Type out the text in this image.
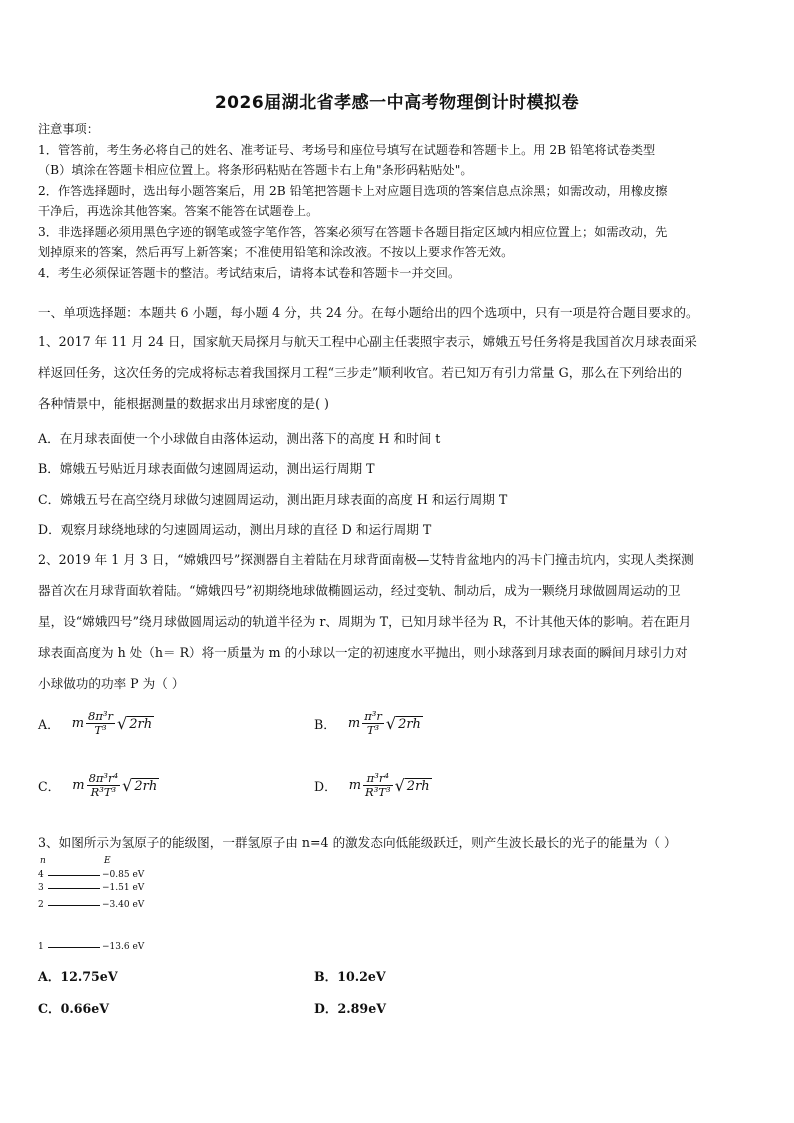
2026届湖北省孝感一中高考物理倒计时模拟卷
注意事项：
1．管答前，考生务必将自己的姓名、准考证号、考场号和座位号填写在试题卷和答题卡上。用 2B 铅笔将试卷类型
（B）填涂在答题卡相应位置上。将条形码粘贴在答题卡右上角"条形码粘贴处"。
2．作答选择题时，选出每小题答案后，用 2B 铅笔把答题卡上对应题目选项的答案信息点涂黑；如需改动，用橡皮擦
干净后，再选涂其他答案。答案不能答在试题卷上。
3．非选择题必须用黑色字迹的钢笔或签字笔作答，答案必须写在答题卡各题目指定区域内相应位置上；如需改动，先
划掉原来的答案，然后再写上新答案；不准使用铅笔和涂改液。不按以上要求作答无效。
4．考生必须保证答题卡的整洁。考试结束后，请将本试卷和答题卡一并交回。
一、单项选择题：本题共 6 小题，每小题 4 分，共 24 分。在每小题给出的四个选项中，只有一项是符合题目要求的。
1、2017 年 11 月 24 日，国家航天局探月与航天工程中心副主任裴照宇表示，嫦娥五号任务将是我国首次月球表面采
样返回任务，这次任务的完成将标志着我国探月工程“三步走”顺利收官。若已知万有引力常量 G，那么在下列给出的
各种情景中，能根据测量的数据求出月球密度的是( )
A．在月球表面使一个小球做自由落体运动，测出落下的高度 H 和时间 t
B．嫦娥五号贴近月球表面做匀速圆周运动，测出运行周期 T
C．嫦娥五号在高空绕月球做匀速圆周运动，测出距月球表面的高度 H 和运行周期 T
D．观察月球绕地球的匀速圆周运动，测出月球的直径 D 和运行周期 T
2、2019 年 1 月 3 日，“嫦娥四号”探测器自主着陆在月球背面南极—艾特肯盆地内的冯卡门撞击坑内，实现人类探测
器首次在月球背面软着陆。“嫦娥四号”初期绕地球做椭圆运动，经过变轨、制动后，成为一颗绕月球做圆周运动的卫
星，设“嫦娥四号”绕月球做圆周运动的轨道半径为 r、周期为 T，已知月球半径为 R，不计其他天体的影响。若在距月
球表面高度为 h 处（h＝ R）将一质量为 m 的小球以一定的初速度水平抛出，则小球落到月球表面的瞬间月球引力对
小球做功的功率 P 为（ ）
A． m $\frac{\text{8π³r}}{\text{T³}}$ √ 2rh	B． m $\frac{\text{π³r}}{\text{T³}}$ √ 2rh
C． m $\frac{\text{8π³r⁴}}{\text{R³T³}}$ √ 2rh	D． m $\frac{\text{π³r⁴}}{\text{R³T³}}$ √ 2rh
3、如图所示为氢原子的能级图，一群氢原子由 n=4 的激发态向低能级跃迁，则产生波长最长的光子的能量为（ ）
n	E
4	−0.85 eV
3	−1.51 eV
2	−3.40 eV
1	−13.6 eV
A．12.75eV	B．10.2eV
C．0.66eV	D．2.89eV
